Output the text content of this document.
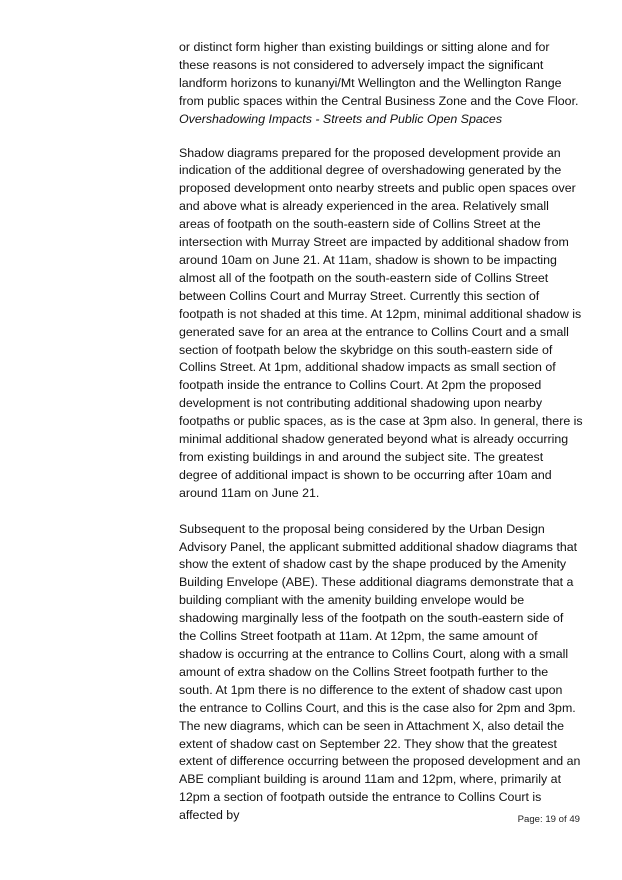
or distinct form higher than existing buildings or sitting alone and for these reasons is not considered to adversely impact the significant landform horizons to kunanyi/Mt Wellington and the Wellington Range from public spaces within the Central Business Zone and the Cove Floor.

Overshadowing Impacts - Streets and Public Open Spaces

Shadow diagrams prepared for the proposed development provide an indication of the additional degree of overshadowing generated by the proposed development onto nearby streets and public open spaces over and above what is already experienced in the area. Relatively small areas of footpath on the south-eastern side of Collins Street at the intersection with Murray Street are impacted by additional shadow from around 10am on June 21. At 11am, shadow is shown to be impacting almost all of the footpath on the south-eastern side of Collins Street between Collins Court and Murray Street. Currently this section of footpath is not shaded at this time. At 12pm, minimal additional shadow is generated save for an area at the entrance to Collins Court and a small section of footpath below the skybridge on this south-eastern side of Collins Street. At 1pm, additional shadow impacts as small section of footpath inside the entrance to Collins Court. At 2pm the proposed development is not contributing additional shadowing upon nearby footpaths or public spaces, as is the case at 3pm also. In general, there is minimal additional shadow generated beyond what is already occurring from existing buildings in and around the subject site. The greatest degree of additional impact is shown to be occurring after 10am and around 11am on June 21.

Subsequent to the proposal being considered by the Urban Design Advisory Panel, the applicant submitted additional shadow diagrams that show the extent of shadow cast by the shape produced by the Amenity Building Envelope (ABE). These additional diagrams demonstrate that a building compliant with the amenity building envelope would be shadowing marginally less of the footpath on the south-eastern side of the Collins Street footpath at 11am. At 12pm, the same amount of shadow is occurring at the entrance to Collins Court, along with a small amount of extra shadow on the Collins Street footpath further to the south. At 1pm there is no difference to the extent of shadow cast upon the entrance to Collins Court, and this is the case also for 2pm and 3pm. The new diagrams, which can be seen in Attachment X, also detail the extent of shadow cast on September 22. They show that the greatest extent of difference occurring between the proposed development and an ABE compliant building is around 11am and 12pm, where, primarily at 12pm a section of footpath outside the entrance to Collins Court is affected by	Page: 19 of 49
